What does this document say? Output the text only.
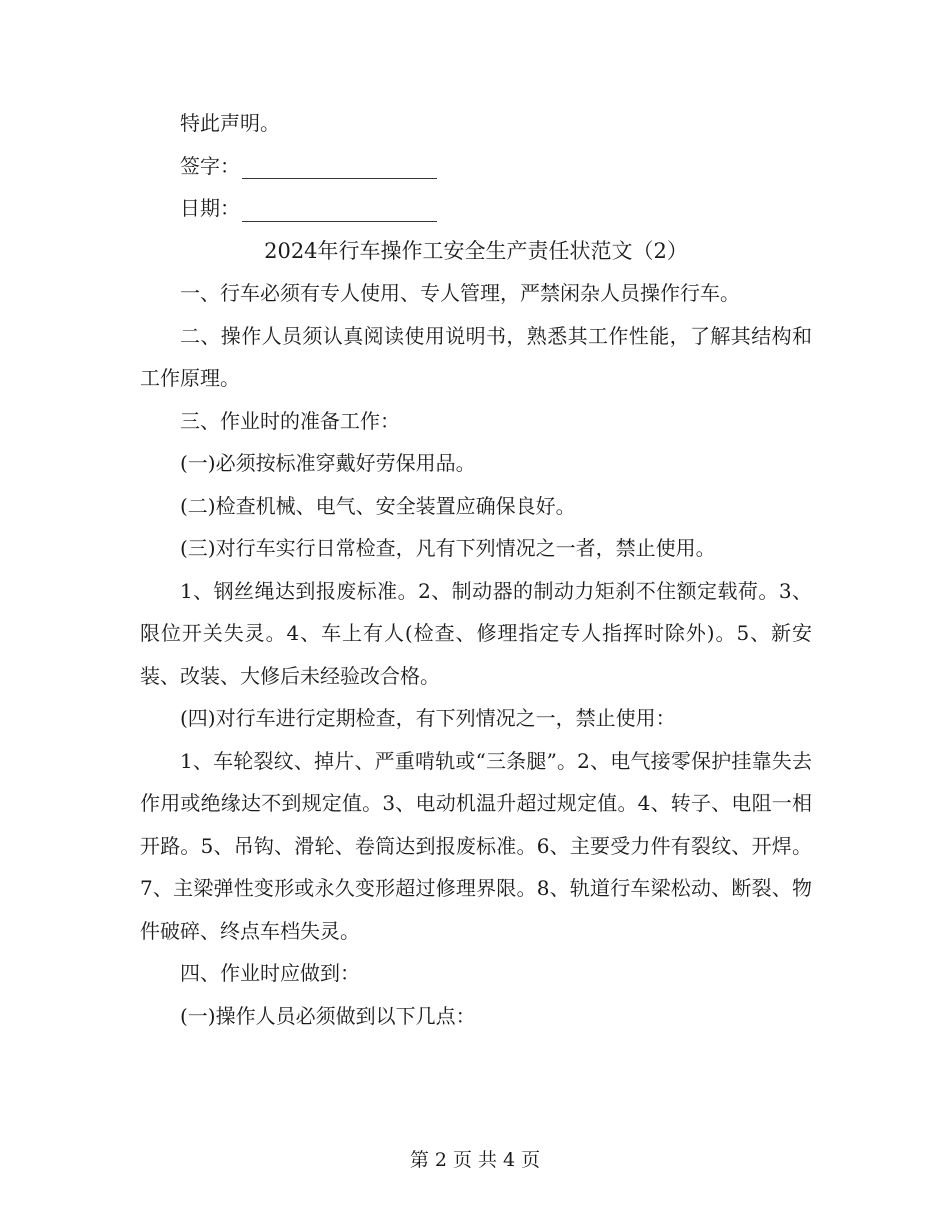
特此声明。

签字：
日期：

2024年行车操作工安全生产责任状范文（2）

一、行车必须有专人使用、专人管理，严禁闲杂人员操作行车。

二、操作人员须认真阅读使用说明书，熟悉其工作性能，了解其结构和工作原理。

三、作业时的准备工作：

(一)必须按标准穿戴好劳保用品。

(二)检查机械、电气、安全装置应确保良好。

(三)对行车实行日常检查，凡有下列情况之一者，禁止使用。

1、钢丝绳达到报废标准。2、制动器的制动力矩刹不住额定载荷。3、限位开关失灵。4、车上有人(检查、修理指定专人指挥时除外)。5、新安装、改装、大修后未经验改合格。

(四)对行车进行定期检查，有下列情况之一，禁止使用：

1、车轮裂纹、掉片、严重啃轨或“三条腿”。2、电气接零保护挂靠失去作用或绝缘达不到规定值。3、电动机温升超过规定值。4、转子、电阻一相开路。5、吊钩、滑轮、卷筒达到报废标准。6、主要受力件有裂纹、开焊。7、主梁弹性变形或永久变形超过修理界限。8、轨道行车梁松动、断裂、物件破碎、终点车档失灵。

四、作业时应做到：

(一)操作人员必须做到以下几点：

第 2 页 共 4 页
